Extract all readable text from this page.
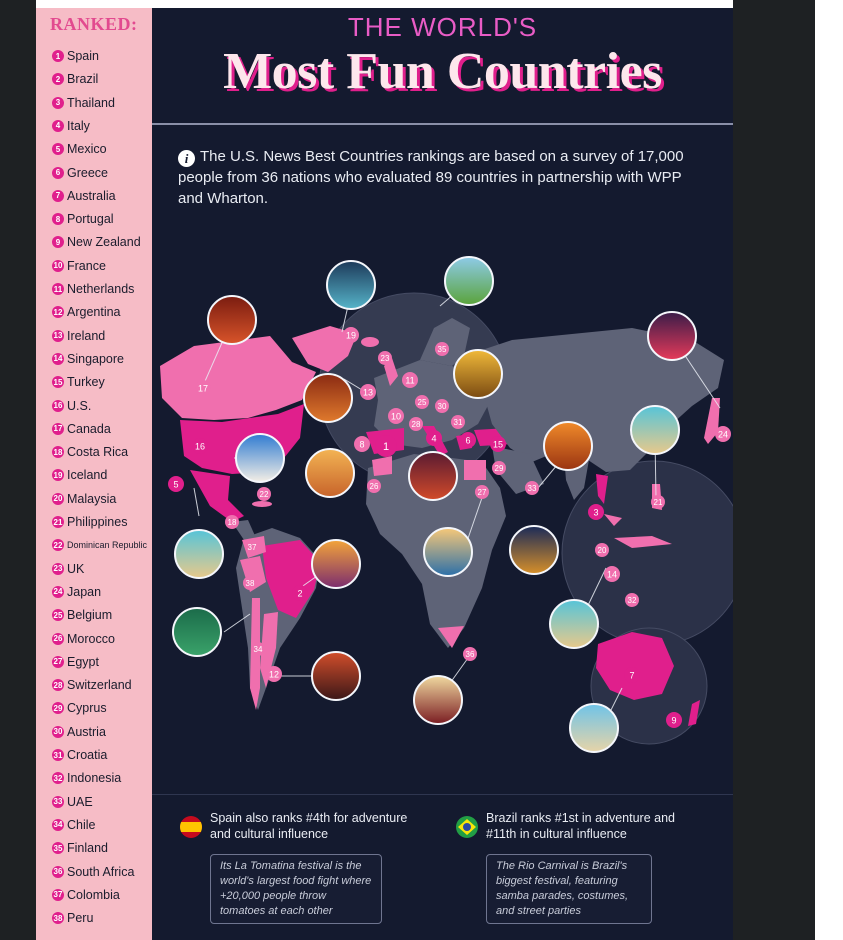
RANKED:
1 Spain
2 Brazil
3 Thailand
4 Italy
5 Mexico
6 Greece
7 Australia
8 Portugal
9 New Zealand
10 France
11 Netherlands
12 Argentina
13 Ireland
14 Singapore
15 Turkey
16 U.S.
17 Canada
18 Costa Rica
19 Iceland
20 Malaysia
21 Philippines
22 Dominican Republic
23 UK
24 Japan
25 Belgium
26 Morocco
27 Egypt
28 Switzerland
29 Cyprus
30 Austria
31 Croatia
32 Indonesia
33 UAE
34 Chile
35 Finland
36 South Africa
37 Colombia
38 Peru
THE WORLD'S
Most Fun Countries
i The U.S. News Best Countries rankings are based on a survey of 17,000 people from 36 nations who evaluated 89 countries in partnership with WPP and Wharton.
19
17
16
5
22
18
37
2
38
34
12
23
13
11
25
10
28
30
31
8 1
4	6 15
29
27
26
35
33
36
3
20
14
21
32
24
7
9
Spain also ranks #4th for adventure and cultural influence
Its La Tomatina festival is the world's largest food fight where +20,000 people throw tomatoes at each other
Brazil ranks #1st in adventure and #11th in cultural influence
The Rio Carnival is Brazil's biggest festival, featuring samba parades, costumes, and street parties
